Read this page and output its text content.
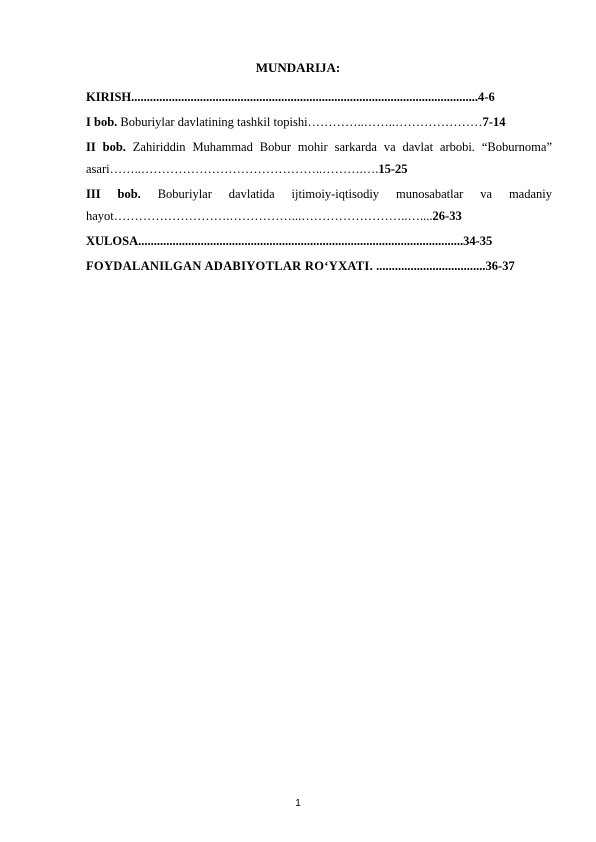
MUNDARIJA:
KIRISH...............................................................................................................4-6
I bob. Boburiylar davlatining tashkil topishi…………..……..…………………7-14
II bob. Zahiriddin Muhammad Bobur mohir sarkarda va davlat arbobi. “Boburnoma” asari……..……………………………………..……….….15-25
III bob. Boburiylar davlatida ijtimoiy-iqtisodiy munosabatlar va madaniy hayot……………………….……………...……………………..…....26-33
XULOSA........................................................................................................34-35
FOYDALANILGAN ADABIYOTLAR RO‘YXATI. ...................................36-37
1
